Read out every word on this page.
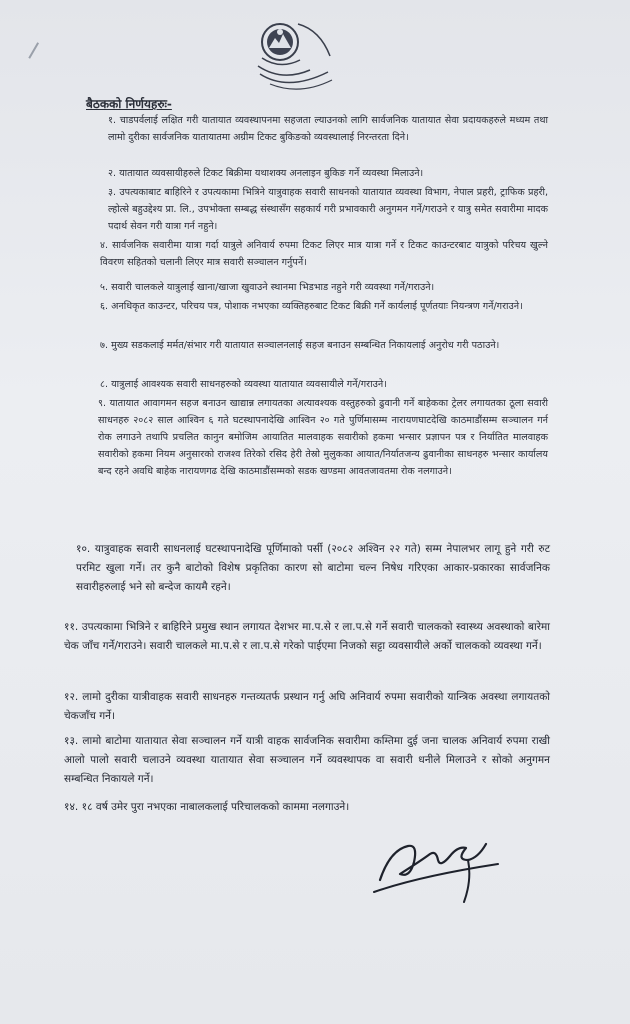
बैठकको निर्णयहरुः-
१. चाडपर्वलाई लक्षित गरी यातायात व्यवस्थापनमा सहजता ल्याउनको लागि सार्वजनिक यातायात सेवा प्रदायकहरुले मध्यम तथा लामो दुरीका सार्वजनिक यातायातमा अग्रीम टिकट बुकिङको व्यवस्थालाई निरन्तरता दिने।
२. यातायात व्यवसायीहरुले टिकट बिक्रीमा यथाशक्य अनलाइन बुकिङ गर्ने व्यवस्था मिलाउने।
३. उपत्यकाबाट बाहिरिने र उपत्यकामा भित्रिने यात्रुवाहक सवारी साधनको यातायात व्यवस्था विभाग, नेपाल प्रहरी, ट्राफिक प्रहरी, ल्होत्से बहुउद्देश्य प्रा. लि., उपभोक्ता सम्बद्ध संस्थासँग सहकार्य गरी प्रभावकारी अनुगमन गर्ने/गराउने र यात्रु समेत सवारीमा मादक पदार्थ सेवन गरी यात्रा गर्न नहुने।
४. सार्वजनिक सवारीमा यात्रा गर्दा यात्रुले अनिवार्य रुपमा टिकट लिएर मात्र यात्रा गर्ने र टिकट काउन्टरबाट यात्रुको परिचय खुल्ने विवरण सहितको चलानी लिएर मात्र सवारी सञ्चालन गर्नुपर्ने।
५. सवारी चालकले यात्रुलाई खाना/खाजा खुवाउने स्थानमा भिडभाड नहुने गरी व्यवस्था गर्ने/गराउने।
६. अनधिकृत काउन्टर, परिचय पत्र, पोशाक नभएका व्यक्तिहरुबाट टिकट बिक्री गर्ने कार्यलाई पूर्णतयाः नियन्त्रण गर्ने/गराउने।
७. मुख्य सडकलाई मर्मत/संभार गरी यातायात सञ्चालनलाई सहज बनाउन सम्बन्धित निकायलाई अनुरोध गरी पठाउने।
८. यात्रुलाई आवश्यक सवारी साधनहरुको व्यवस्था यातायात व्यवसायीले गर्ने/गराउने।
९. यातायात आवागमन सहज बनाउन खाद्यान्न लगायतका अत्यावश्यक वस्तुहरुको ढुवानी गर्ने बाहेकका ट्रेलर लगायतका ठूला सवारी साधनहरु २०८२ साल आश्विन ६ गते घटस्थापनादेखि आश्विन २० गते पुर्णिमासम्म नारायणघाटदेखि काठमाडौंसम्म सञ्चालन गर्न रोक लगाउने तथापि प्रचलित कानुन बमोजिम आयातित मालवाहक सवारीको हकमा भन्सार प्रज्ञापन पत्र र निर्यातित मालवाहक सवारीको हकमा नियम अनुसारको राजश्व तिरेको रसिद हेरी तेस्रो मुलुकका आयात/निर्यातजन्य ढुवानीका साधनहरु भन्सार कार्यालय बन्द रहने अवधि बाहेक नारायणगढ देखि काठमाडौंसम्मको सडक खण्डमा आवतजावतमा रोक नलगाउने।
१०. यात्रुवाहक सवारी साधनलाई घटस्थापनादेखि पूर्णिमाको पर्सी (२०८२ अश्विन २२ गते) सम्म नेपालभर लागू हुने गरी रुट परमिट खुला गर्ने। तर कुनै बाटोको विशेष प्रकृतिका कारण सो बाटोमा चल्न निषेध गरिएका आकार-प्रकारका सार्वजनिक सवारीहरुलाई भने सो बन्देज कायमै रहने।
११. उपत्यकामा भित्रिने र बाहिरिने प्रमुख स्थान लगायत देशभर मा.प.से र ला.प.से गर्ने सवारी चालकको स्वास्थ्य अवस्थाको बारेमा चेक जाँच गर्ने/गराउने। सवारी चालकले मा.प.से र ला.प.से गरेको पाईएमा निजको सट्टा व्यवसायीले अर्को चालकको व्यवस्था गर्ने।
१२. लामो दुरीका यात्रीवाहक सवारी साधनहरु गन्तव्यतर्फ प्रस्थान गर्नु अघि अनिवार्य रुपमा सवारीको यान्त्रिक अवस्था लगायतको चेकजाँच गर्ने।
१३. लामो बाटोमा यातायात सेवा सञ्चालन गर्ने यात्री वाहक सार्वजनिक सवारीमा कम्तिमा दुई जना चालक अनिवार्य रुपमा राखी आलो पालो सवारी चलाउने व्यवस्था यातायात सेवा सञ्चालन गर्ने व्यवस्थापक वा सवारी धनीले मिलाउने र सोको अनुगमन सम्बन्धित निकायले गर्ने।
१४. १८ वर्ष उमेर पुरा नभएका नाबालकलाई परिचालकको काममा नलगाउने।
